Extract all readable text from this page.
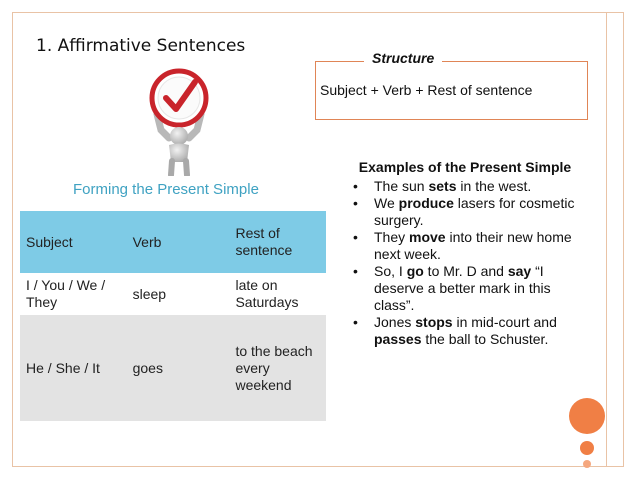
1. Affirmative Sentences
Structure
Subject + Verb + Rest of sentence
Forming the Present Simple
Subject	Verb	Rest of sentence
I / You / We / They	sleep	late on Saturdays
He / She / It	goes	to the beach every weekend
Examples of the Present Simple
• The sun sets in the west.
• We produce lasers for cosmetic surgery.
• They move into their new home next week.
• So, I go to Mr. D and say “I deserve a better mark in this class”.
• Jones stops in mid-court and passes the ball to Schuster.
